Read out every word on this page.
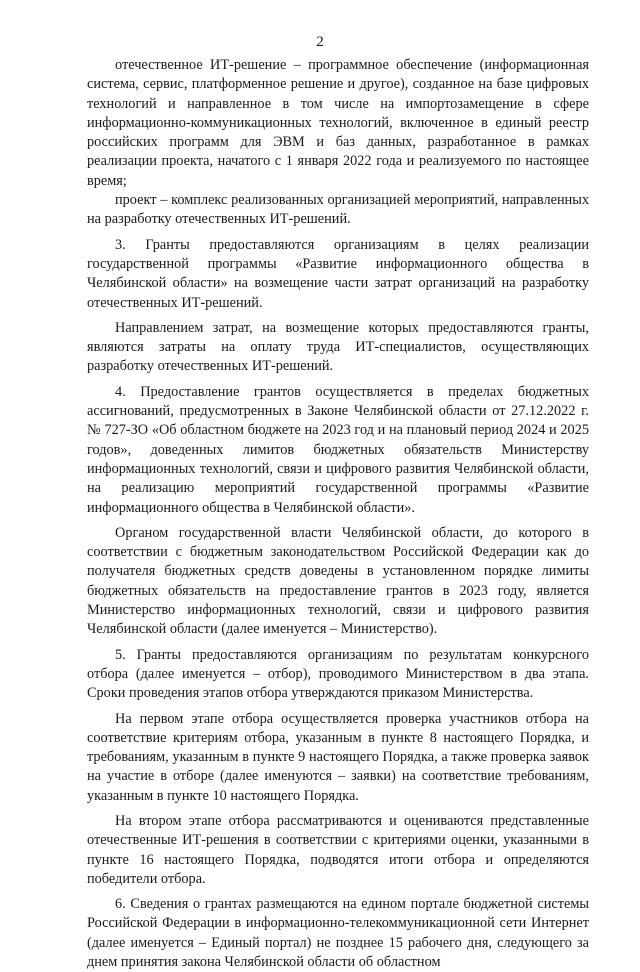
2

отечественное ИТ-решение – программное обеспечение (информационная система, сервис, платформенное решение и другое), созданное на базе цифровых технологий и направленное в том числе на импортозамещение в сфере информационно-коммуникационных технологий, включенное в единый реестр российских программ для ЭВМ и баз данных, разработанное в рамках реализации проекта, начатого с 1 января 2022 года и реализуемого по настоящее время;

проект – комплекс реализованных организацией мероприятий, направленных на разработку отечественных ИТ-решений.

3. Гранты предоставляются организациям в целях реализации государственной программы «Развитие информационного общества в Челябинской области» на возмещение части затрат организаций на разработку отечественных ИТ-решений.

Направлением затрат, на возмещение которых предоставляются гранты, являются затраты на оплату труда ИТ-специалистов, осуществляющих разработку отечественных ИТ-решений.

4. Предоставление грантов осуществляется в пределах бюджетных ассигнований, предусмотренных в Законе Челябинской области от 27.12.2022 г. № 727-ЗО «Об областном бюджете на 2023 год и на плановый период 2024 и 2025 годов», доведенных лимитов бюджетных обязательств Министерству информационных технологий, связи и цифрового развития Челябинской области, на реализацию мероприятий государственной программы «Развитие информационного общества в Челябинской области».

Органом государственной власти Челябинской области, до которого в соответствии с бюджетным законодательством Российской Федерации как до получателя бюджетных средств доведены в установленном порядке лимиты бюджетных обязательств на предоставление грантов в 2023 году, является Министерство информационных технологий, связи и цифрового развития Челябинской области (далее именуется – Министерство).

5. Гранты предоставляются организациям по результатам конкурсного отбора (далее именуется – отбор), проводимого Министерством в два этапа. Сроки проведения этапов отбора утверждаются приказом Министерства.

На первом этапе отбора осуществляется проверка участников отбора на соответствие критериям отбора, указанным в пункте 8 настоящего Порядка, и требованиям, указанным в пункте 9 настоящего Порядка, а также проверка заявок на участие в отборе (далее именуются – заявки) на соответствие требованиям, указанным в пункте 10 настоящего Порядка.

На втором этапе отбора рассматриваются и оцениваются представленные отечественные ИТ-решения в соответствии с критериями оценки, указанными в пункте 16 настоящего Порядка, подводятся итоги отбора и определяются победители отбора.

6. Сведения о грантах размещаются на едином портале бюджетной системы Российской Федерации в информационно-телекоммуникационной сети Интернет (далее именуется – Единый портал) не позднее 15 рабочего дня, следующего за днем принятия закона Челябинской области об областном
